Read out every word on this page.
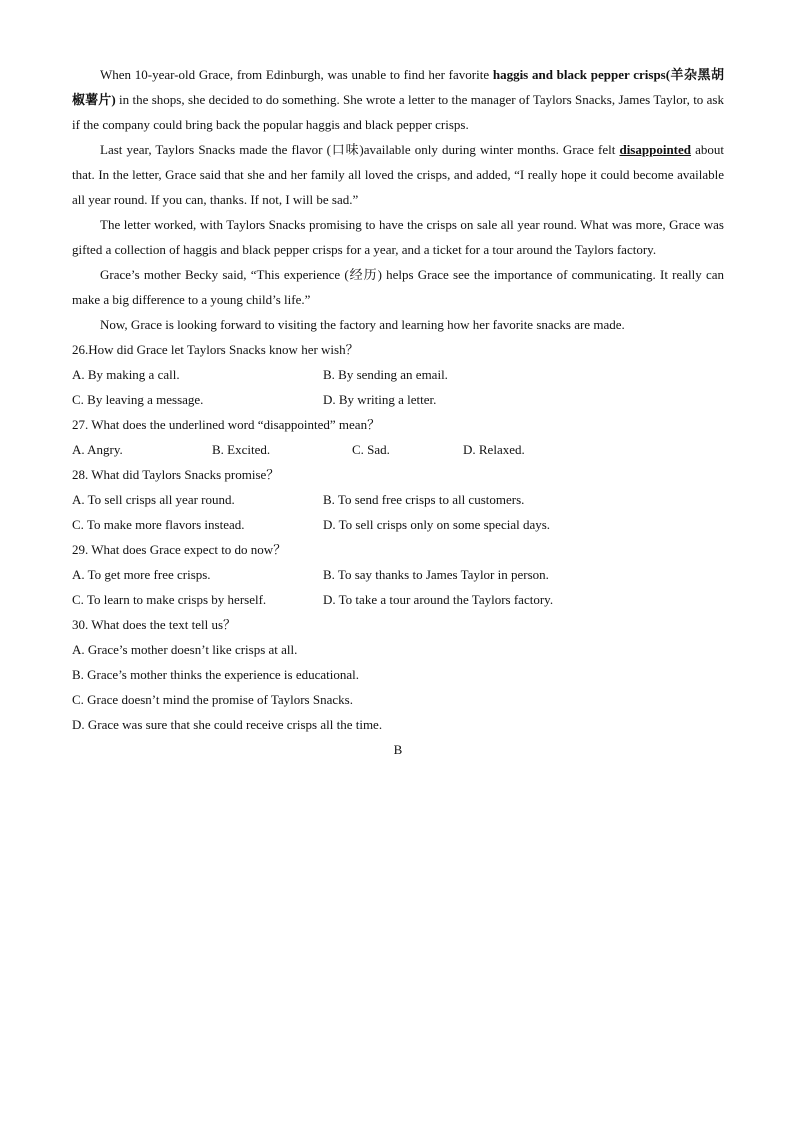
When 10-year-old Grace, from Edinburgh, was unable to find her favorite haggis and black pepper crisps(羊杂黑胡椒薯片) in the shops, she decided to do something. She wrote a letter to the manager of Taylors Snacks, James Taylor, to ask if the company could bring back the popular haggis and black pepper crisps.

Last year, Taylors Snacks made the flavor (口味)available only during winter months. Grace felt disappointed about that. In the letter, Grace said that she and her family all loved the crisps, and added, “I really hope it could become available all year round. If you can, thanks. If not, I will be sad.”

The letter worked, with Taylors Snacks promising to have the crisps on sale all year round. What was more, Grace was gifted a collection of haggis and black pepper crisps for a year, and a ticket for a tour around the Taylors factory.

Grace’s mother Becky said, “This experience (经历) helps Grace see the importance of communicating. It really can make a big difference to a young child’s life.”

Now, Grace is looking forward to visiting the factory and learning how her favorite snacks are made.

26.How did Grace let Taylors Snacks know her wish？

A. By making a call.	B. By sending an email.
C. By leaving a message.	D. By writing a letter.

27. What does the underlined word “disappointed” mean？

A. Angry.	B. Excited.	C. Sad.	D. Relaxed.

28. What did Taylors Snacks promise？

A. To sell crisps all year round.	B. To send free crisps to all customers.
C. To make more flavors instead.	D. To sell crisps only on some special days.

29. What does Grace expect to do now？

A. To get more free crisps.	B. To say thanks to James Taylor in person.
C. To learn to make crisps by herself.	D. To take a tour around the Taylors factory.

30. What does the text tell us？

A. Grace’s mother doesn’t like crisps at all.

B. Grace’s mother thinks the experience is educational.

C. Grace doesn’t mind the promise of Taylors Snacks.

D. Grace was sure that she could receive crisps all the time.

B
